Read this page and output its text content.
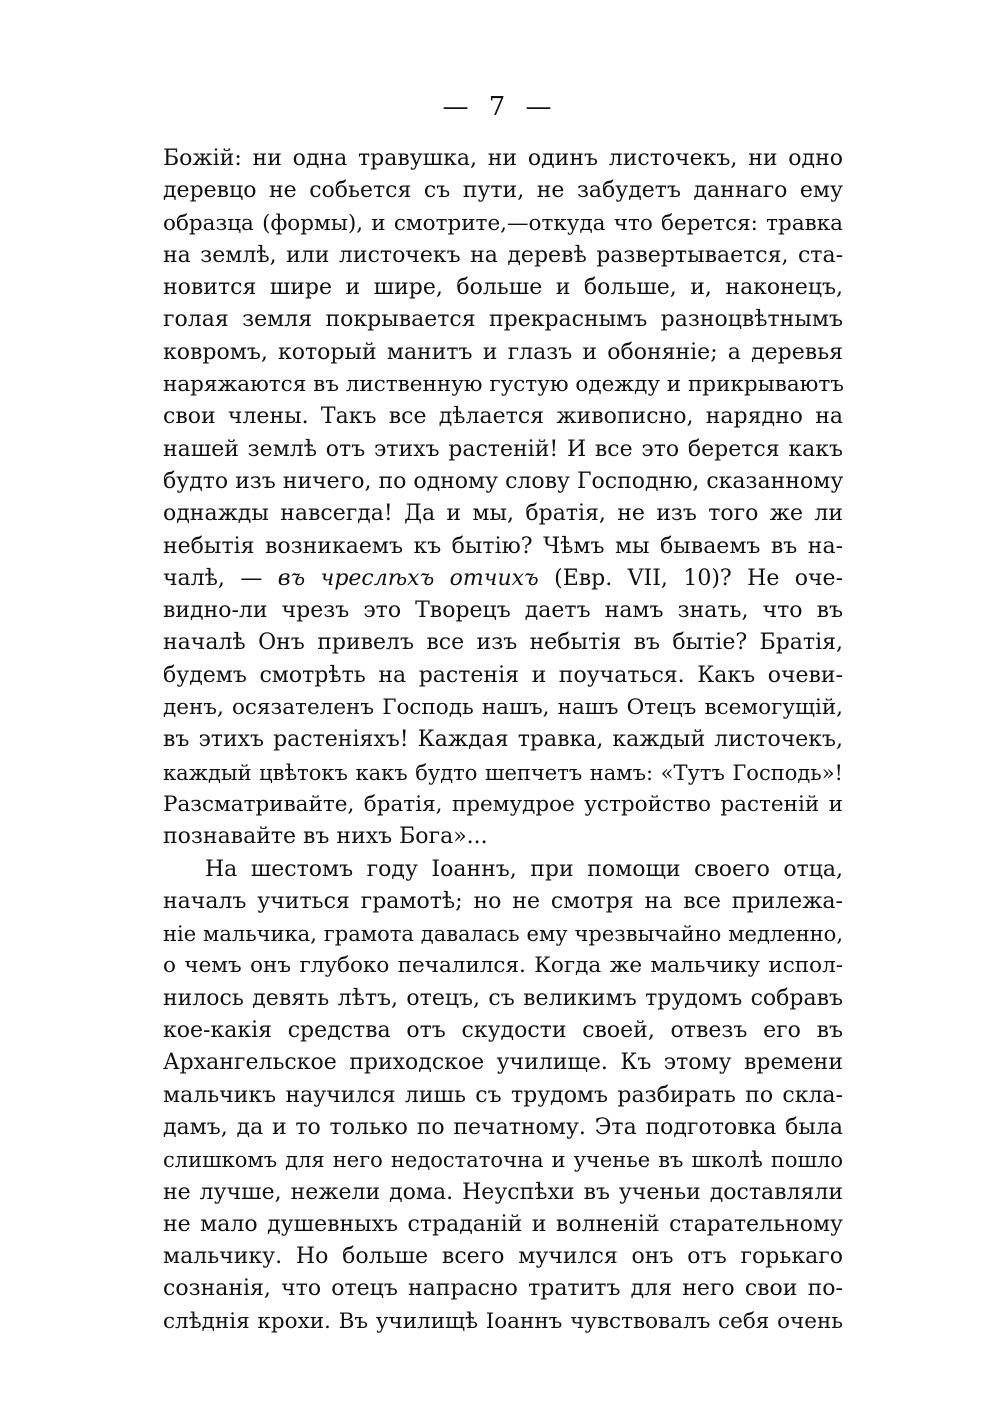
— 7 —
Божій: ни одна травушка, ни одинъ листочекъ, ни одно
деревцо не собьется съ пути, не забудетъ даннаго ему
образца (формы), и смотрите,—откуда что берется: травка
на землѣ, или листочекъ на деревѣ развертывается, ста-
новится шире и шире, больше и больше, и, наконецъ,
голая земля покрывается прекраснымъ разноцвѣтнымъ
ковромъ, который манитъ и глазъ и обонянie; а деревья
наряжаются въ лиственную густую одежду и прикрываютъ
свои члены. Такъ все дѣлается живописно, нарядно на
нашей землѣ отъ этихъ растеній! И все это берется какъ
будто изъ ничего, по одному слову Господню, сказанному
однажды навсегда! Да и мы, братія, не изъ того же ли
небытія возникаемъ къ бытію? Чѣмъ мы бываемъ въ на-
чалѣ, — въ чреслѣхъ отчихъ (Евр. VII, 10)? Не оче-
видно-ли чрезъ это Творецъ даетъ намъ знать, что въ
началѣ Онъ привелъ все изъ небытія въ бытіе? Братія,
будемъ смотрѣть на растенія и поучаться. Какъ очеви-
денъ, осязателенъ Господь нашъ, нашъ Отецъ всемогущій,
въ этихъ растеніяхъ! Каждая травка, каждый листочекъ,
каждый цвѣтокъ какъ будто шепчетъ намъ: «Тутъ Господь»!
Разсматривайте, братія, премудрое устройство растеній и
познавайте въ нихъ Бога»...
На шестомъ году Іоаннъ, при помощи своего отца,
началъ учиться грамотѣ; но не смотря на все прилежа-
нie мальчика, грамота давалась ему чрезвычайно медленно,
о чемъ онъ глубоко печалился. Когда же мальчику испол-
нилось девять лѣтъ, отецъ, съ великимъ трудомъ собравъ
кое-какія средства отъ скудости своей, отвезъ его въ
Архангельское приходское училище. Къ этому времени
мальчикъ научился лишь съ трудомъ разбирать по скла-
дамъ, да и то только по печатному. Эта подготовка была
слишкомъ для него недостаточна и ученье въ школѣ пошло
не лучше, нежели дома. Неуспѣхи въ ученьи доставляли
не мало душевныхъ страданій и волненій старательному
мальчику. Но больше всего мучился онъ отъ горькаго
сознанія, что отецъ напрасно тратитъ для него свои по-
слѣднія крохи. Въ училищѣ Іоаннъ чувствовалъ себя очень
